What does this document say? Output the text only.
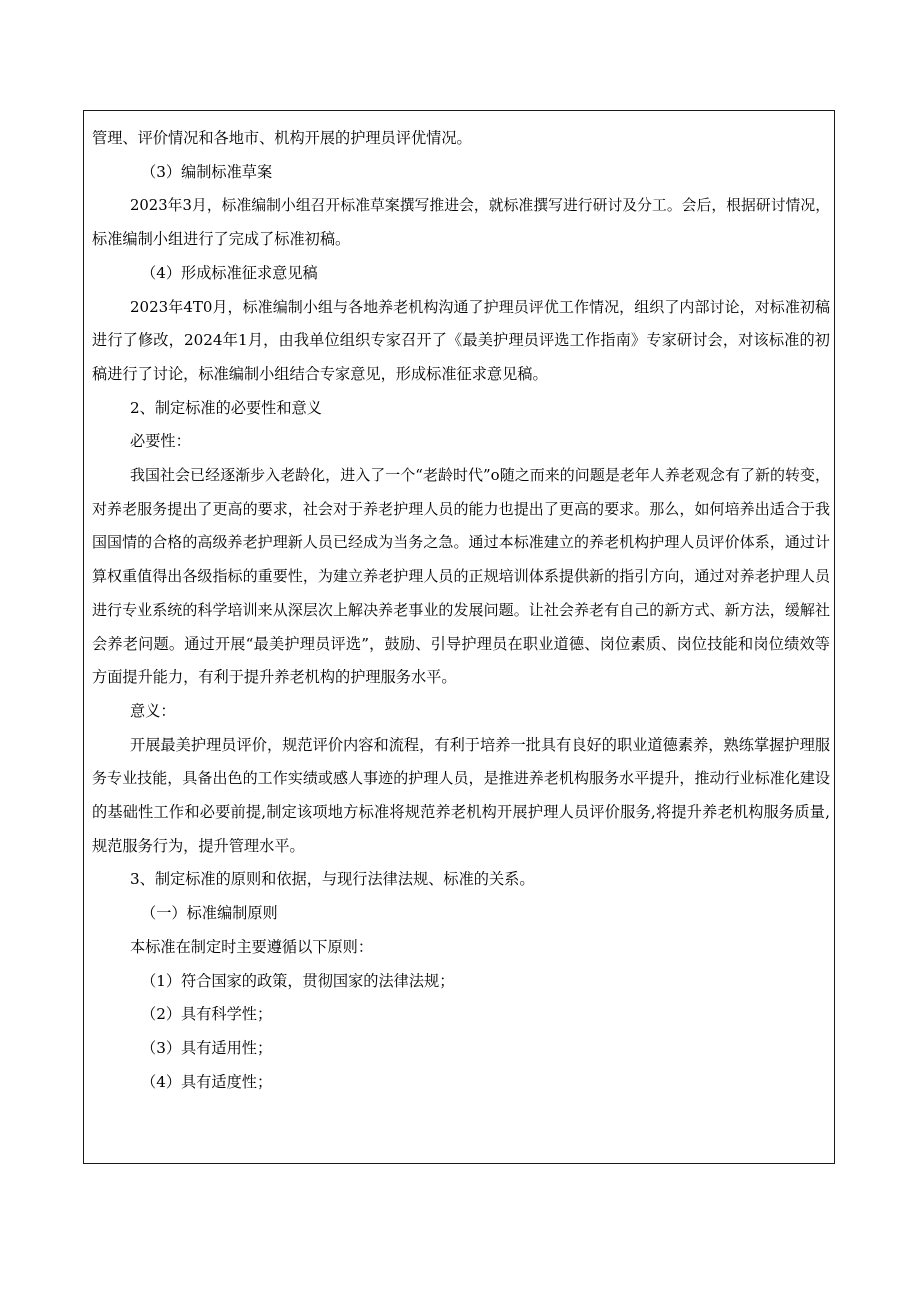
管理、评价情况和各地市、机构开展的护理员评优情况。

（3）编制标准草案

2023年3月，标准编制小组召开标准草案撰写推进会，就标准撰写进行研讨及分工。会后，根据研讨情况，

标准编制小组进行了完成了标准初稿。

（4）形成标准征求意见稿

2023年4T0月，标准编制小组与各地养老机构沟通了护理员评优工作情况，组织了内部讨论，对标准初稿

进行了修改，2024年1月，由我单位组织专家召开了《最美护理员评选工作指南》专家研讨会，对该标准的初

稿进行了讨论，标准编制小组结合专家意见，形成标准征求意见稿。

2、制定标准的必要性和意义

必要性：

我国社会已经逐渐步入老龄化，进入了一个“老龄时代”o随之而来的问题是老年人养老观念有了新的转变，

对养老服务提出了更高的要求，社会对于养老护理人员的能力也提出了更高的要求。那么，如何培养出适合于我

国国情的合格的高级养老护理新人员已经成为当务之急。通过本标准建立的养老机构护理人员评价体系，通过计

算权重值得出各级指标的重要性，为建立养老护理人员的正规培训体系提供新的指引方向，通过对养老护理人员

进行专业系统的科学培训来从深层次上解决养老事业的发展问题。让社会养老有自己的新方式、新方法，缓解社

会养老问题。通过开展“最美护理员评选”，鼓励、引导护理员在职业道德、岗位素质、岗位技能和岗位绩效等

方面提升能力，有利于提升养老机构的护理服务水平。

意义：

开展最美护理员评价，规范评价内容和流程，有利于培养一批具有良好的职业道德素养，熟练掌握护理服

务专业技能，具备出色的工作实绩或感人事迹的护理人员，是推进养老机构服务水平提升，推动行业标准化建设

的基础性工作和必要前提,制定该项地方标准将规范养老机构开展护理人员评价服务,将提升养老机构服务质量,

规范服务行为，提升管理水平。

3、制定标准的原则和依据，与现行法律法规、标准的关系。

（一）标准编制原则

本标准在制定时主要遵循以下原则：

（1）符合国家的政策，贯彻国家的法律法规；

（2）具有科学性；

（3）具有适用性；

（4）具有适度性；
